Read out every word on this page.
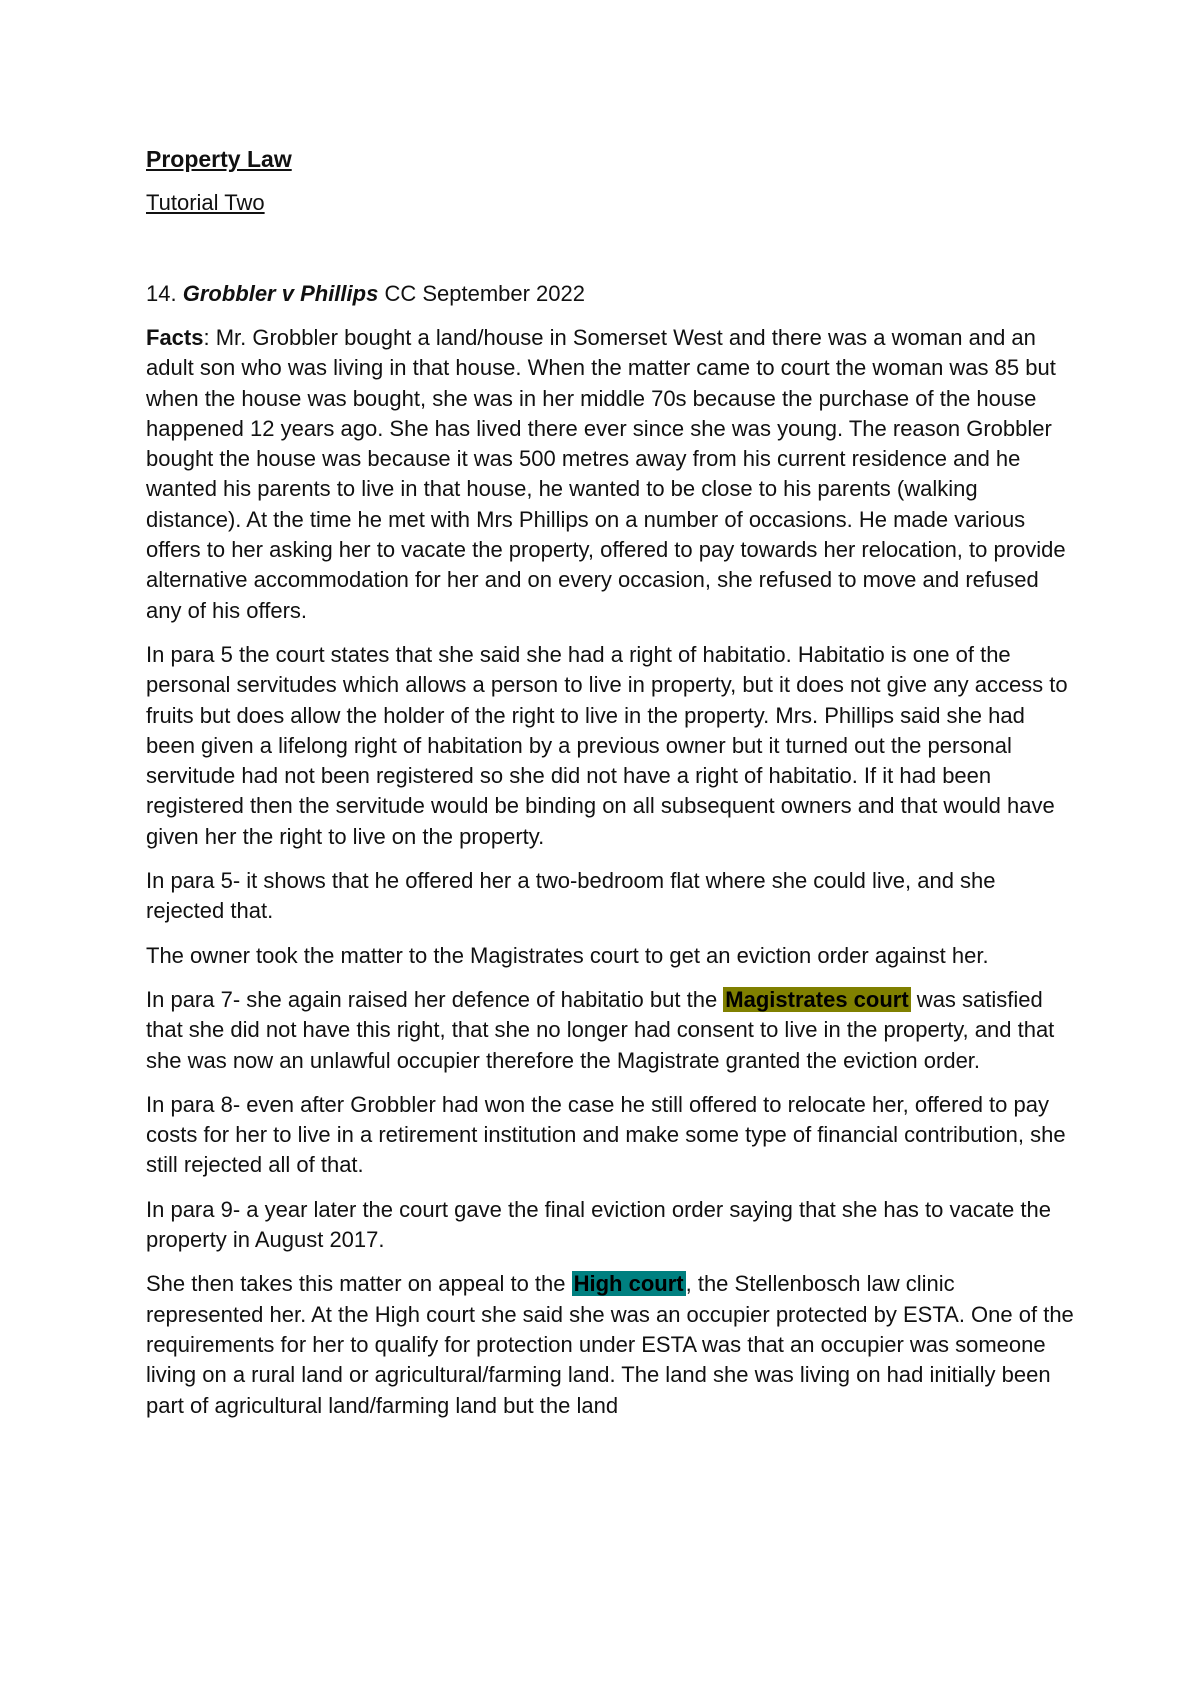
Property Law
Tutorial Two
14. Grobbler v Phillips CC September 2022

Facts: Mr. Grobbler bought a land/house in Somerset West and there was a woman and an adult son who was living in that house. When the matter came to court the woman was 85 but when the house was bought, she was in her middle 70s because the purchase of the house happened 12 years ago. She has lived there ever since she was young. The reason Grobbler bought the house was because it was 500 metres away from his current residence and he wanted his parents to live in that house, he wanted to be close to his parents (walking distance). At the time he met with Mrs Phillips on a number of occasions. He made various offers to her asking her to vacate the property, offered to pay towards her relocation, to provide alternative accommodation for her and on every occasion, she refused to move and refused any of his offers.

In para 5 the court states that she said she had a right of habitatio. Habitatio is one of the personal servitudes which allows a person to live in property, but it does not give any access to fruits but does allow the holder of the right to live in the property. Mrs. Phillips said she had been given a lifelong right of habitation by a previous owner but it turned out the personal servitude had not been registered so she did not have a right of habitatio. If it had been registered then the servitude would be binding on all subsequent owners and that would have given her the right to live on the property.

In para 5- it shows that he offered her a two-bedroom flat where she could live, and she rejected that.

The owner took the matter to the Magistrates court to get an eviction order against her.

In para 7- she again raised her defence of habitatio but the Magistrates court was satisfied that she did not have this right, that she no longer had consent to live in the property, and that she was now an unlawful occupier therefore the Magistrate granted the eviction order.

In para 8- even after Grobbler had won the case he still offered to relocate her, offered to pay costs for her to live in a retirement institution and make some type of financial contribution, she still rejected all of that.

In para 9- a year later the court gave the final eviction order saying that she has to vacate the property in August 2017.

She then takes this matter on appeal to the High court, the Stellenbosch law clinic represented her. At the High court she said she was an occupier protected by ESTA. One of the requirements for her to qualify for protection under ESTA was that an occupier was someone living on a rural land or agricultural/farming land. The land she was living on had initially been part of agricultural land/farming land but the land
